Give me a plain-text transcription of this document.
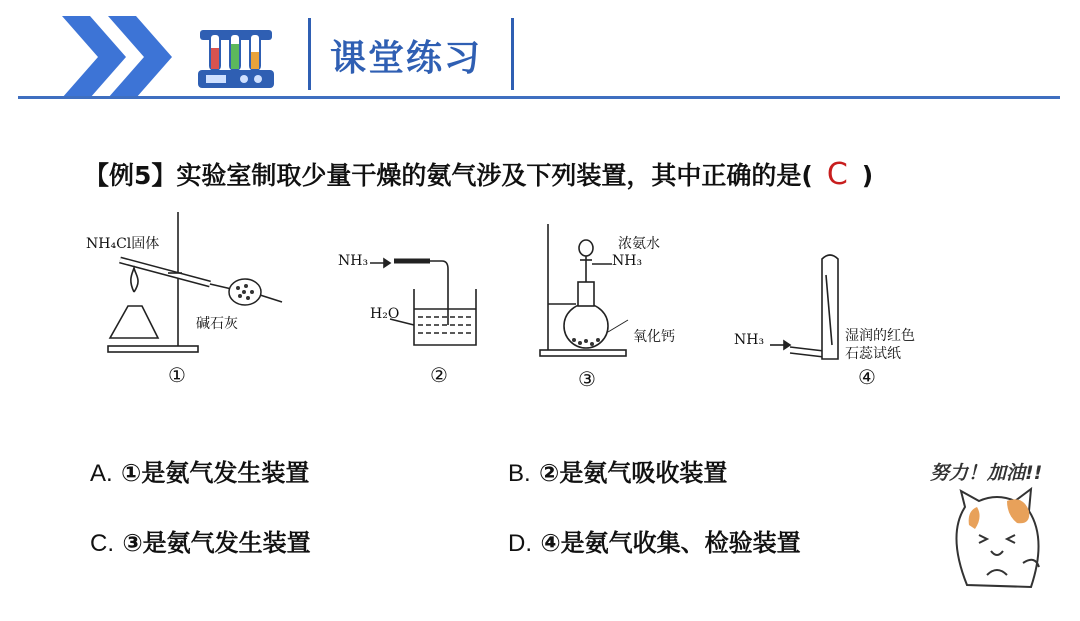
课堂练习
【例5】实验室制取少量干燥的氨气涉及下列装置，其中正确的是( C )
NH₄Cl固体
碱石灰
①
NH₃
H₂O
②
浓氨水
NH₃
氧化钙
③
NH₃	湿润的红色
石蕊试纸
④
A. ①是氨气发生装置	B. ②是氨气吸收装置
C. ③是氨气发生装置	D. ④是氨气收集、检验装置
努力！加油!!
